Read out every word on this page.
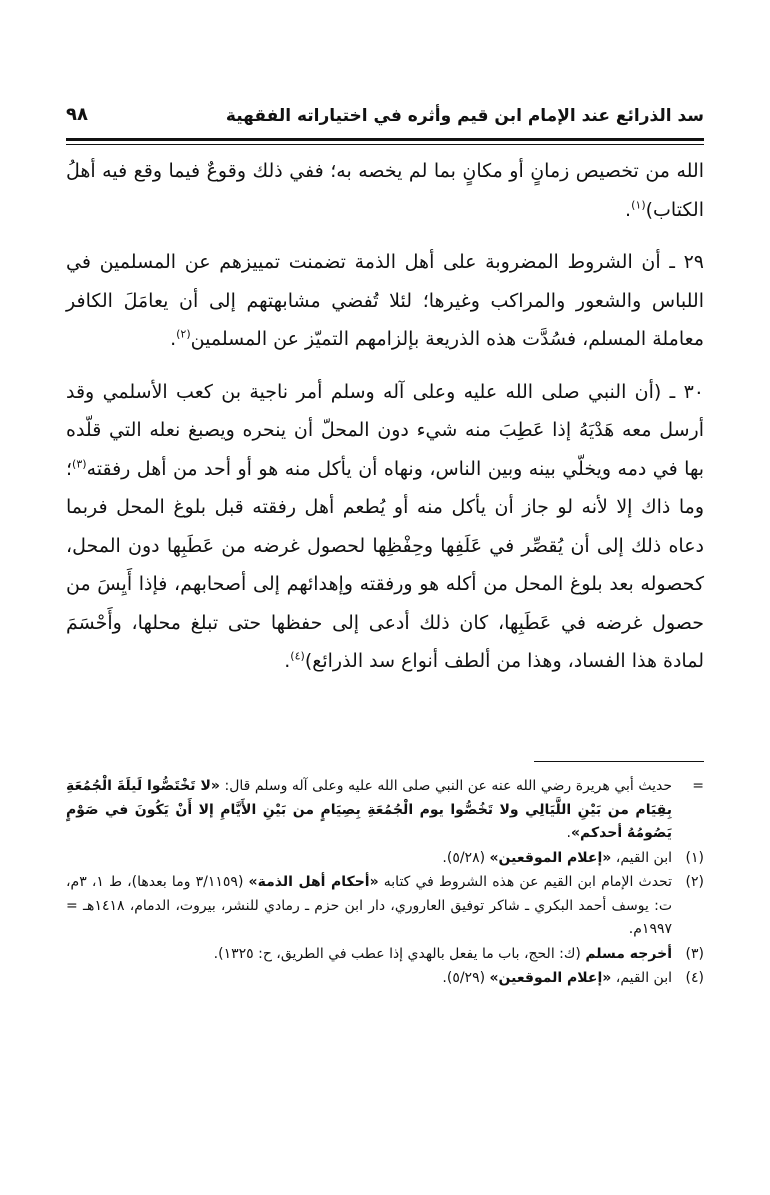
سد الذرائع عند الإمام ابن قيم وأثره في اختياراته الفقهية
٩٨

الله من تخصيص زمانٍ أو مكانٍ بما لم يخصه به؛ ففي ذلك وقوعٌ فيما وقع فيه أهلُ الكتاب)$^{(١)}$.

٢٩ ـ أن الشروط المضروبة على أهل الذمة تضمنت تمييزهم عن المسلمين في اللباس والشعور والمراكب وغيرها؛ لئلا تُفضي مشابهتهم إلى أن يعامَلَ الكافر معاملة المسلم، فسُدَّت هذه الذريعة بإلزامهم التميّز عن المسلمين$^{(٢)}$.

٣٠ ـ (أن النبي صلى الله عليه وعلى آله وسلم أمر ناجية بن كعب الأسلمي وقد أرسل معه هَدْيَهُ إذا عَطِبَ منه شيء دون المحلّ أن ينحره ويصبغ نعله التي قلّده بها في دمه ويخلّي بينه وبين الناس، ونهاه أن يأكل منه هو أو أحد من أهل رفقته$^{(٣)}$؛ وما ذاك إلا لأنه لو جاز أن يأكل منه أو يُطعم أهل رفقته قبل بلوغ المحل فربما دعاه ذلك إلى أن يُقصِّر في عَلَفِها وحِفْظِها لحصول غرضه من عَطَبِها دون المحل، كحصوله بعد بلوغ المحل من أكله هو ورفقته وإهدائهم إلى أصحابهم، فإذا أَيِسَ من حصول غرضه في عَطَبِها، كان ذلك أدعى إلى حفظها حتى تبلغ محلها، وأَحْسَمَ لمادة هذا الفساد، وهذا من ألطف أنواع سد الذرائع)$^{(٤)}$.

=
حديث أبي هريرة رضي الله عنه عن النبي صلى الله عليه وعلى آله وسلم قال: «لا تَخْتَصُّوا لَيلَةَ الْجُمُعَةِ بِقِيَام من بَيْنِ اللَّيَالِي ولا تَخُصُّوا يوم الْجُمُعَةِ بِصِيَامٍ من بَيْنِ الأَيَّامِ إلا أَنْ يَكُونَ في صَوْمٍ يَصُومُهُ أحدكم».

(١)
ابن القيم، «إعلام الموقعين» (٥/٢٨).

(٢)
تحدث الإمام ابن القيم عن هذه الشروط في كتابه «أحكام أهل الذمة» (٣/١١٥٩ وما بعدها)، ط ١، ٣م، ت: يوسف أحمد البكري ـ شاكر توفيق العاروري، دار ابن حزم ـ رمادي للنشر، بيروت، الدمام، ١٤١٨هـ = ١٩٩٧م.

(٣)
أخرجه مسلم (ك: الحج، باب ما يفعل بالهدي إذا عطب في الطريق، ح: ١٣٢٥).

(٤)
ابن القيم، «إعلام الموقعين» (٥/٢٩).
